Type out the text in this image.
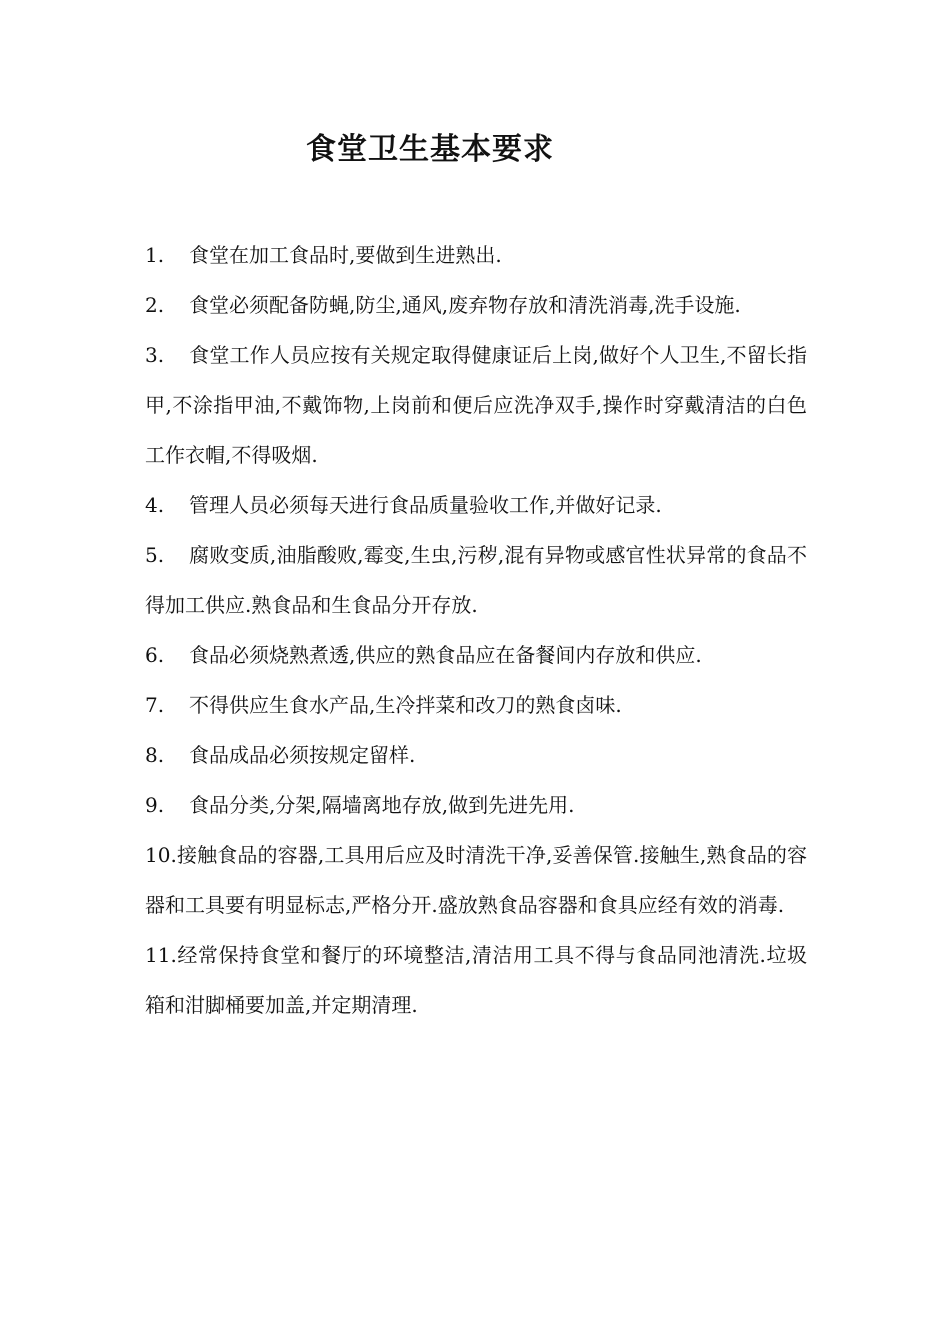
食堂卫生基本要求

1. 食堂在加工食品时,要做到生进熟出.

2. 食堂必须配备防蝇,防尘,通风,废弃物存放和清洗消毒,洗手设施.

3. 食堂工作人员应按有关规定取得健康证后上岗,做好个人卫生,不留长指甲,不涂指甲油,不戴饰物,上岗前和便后应洗净双手,操作时穿戴清洁的白色工作衣帽,不得吸烟.

4. 管理人员必须每天进行食品质量验收工作,并做好记录.

5. 腐败变质,油脂酸败,霉变,生虫,污秽,混有异物或感官性状异常的食品不得加工供应.熟食品和生食品分开存放.

6. 食品必须烧熟煮透,供应的熟食品应在备餐间内存放和供应.

7. 不得供应生食水产品,生冷拌菜和改刀的熟食卤味.

8. 食品成品必须按规定留样.

9. 食品分类,分架,隔墙离地存放,做到先进先用.

10.接触食品的容器,工具用后应及时清洗干净,妥善保管.接触生,熟食品的容器和工具要有明显标志,严格分开.盛放熟食品容器和食具应经有效的消毒.

11.经常保持食堂和餐厅的环境整洁,清洁用工具不得与食品同池清洗.垃圾箱和泔脚桶要加盖,并定期清理.
